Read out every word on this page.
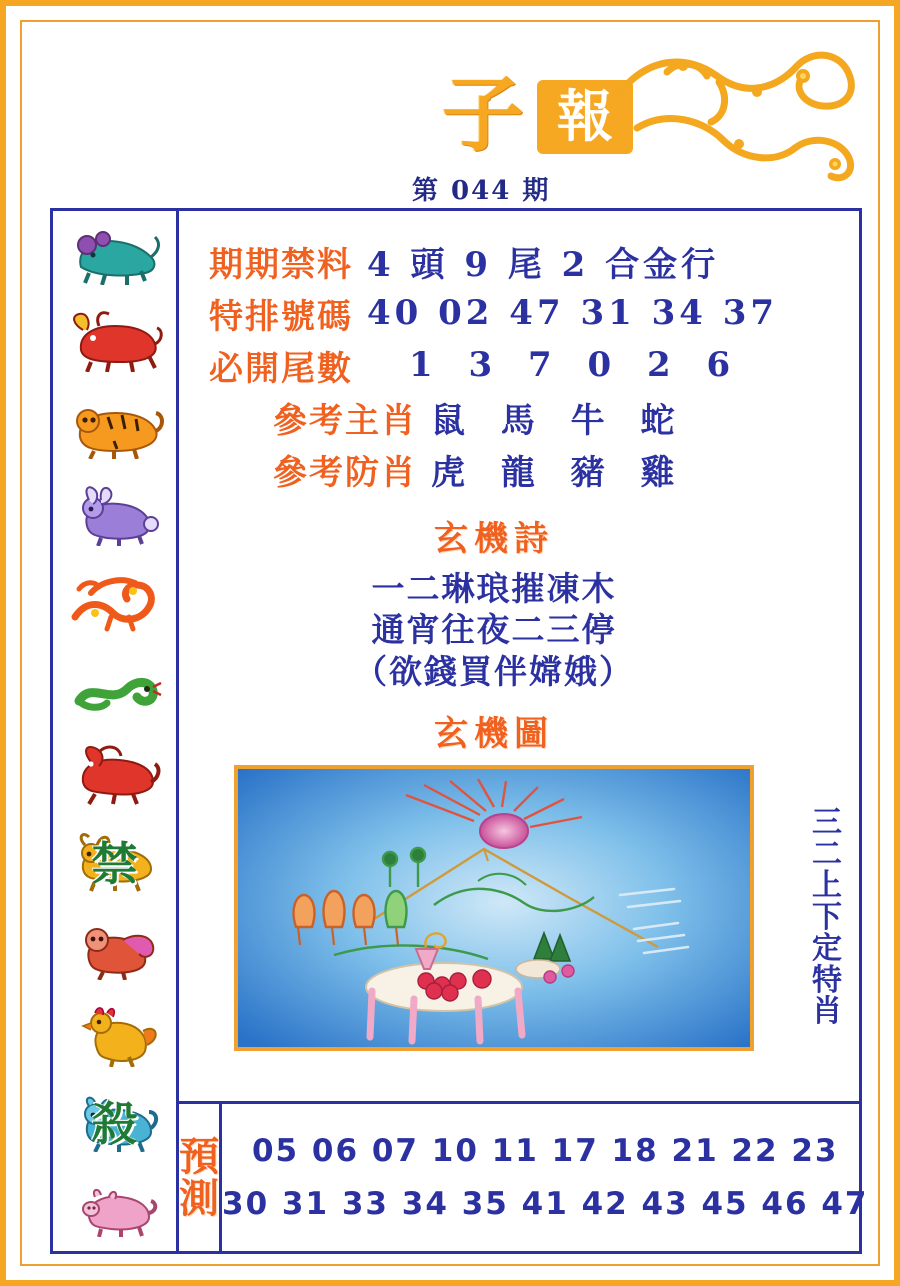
子 報
第 044 期
禁
殺
期期禁料 4 頭 9 尾 2 合金行
特排號碼 40 02 47 31 34 37
必開尾數 1 3 7 0 2 6
參考主肖 鼠 馬 牛 蛇
參考防肖 虎 龍 豬 雞
玄機詩
一二琳琅摧凍木
通宵往夜二三停
（欲錢買伴嫦娥）
玄機圖
三
二
上
下
定
特
肖
預
測
05 06 07 10 11 17 18 21 22 23
30 31 33 34 35 41 42 43 45 46 47
